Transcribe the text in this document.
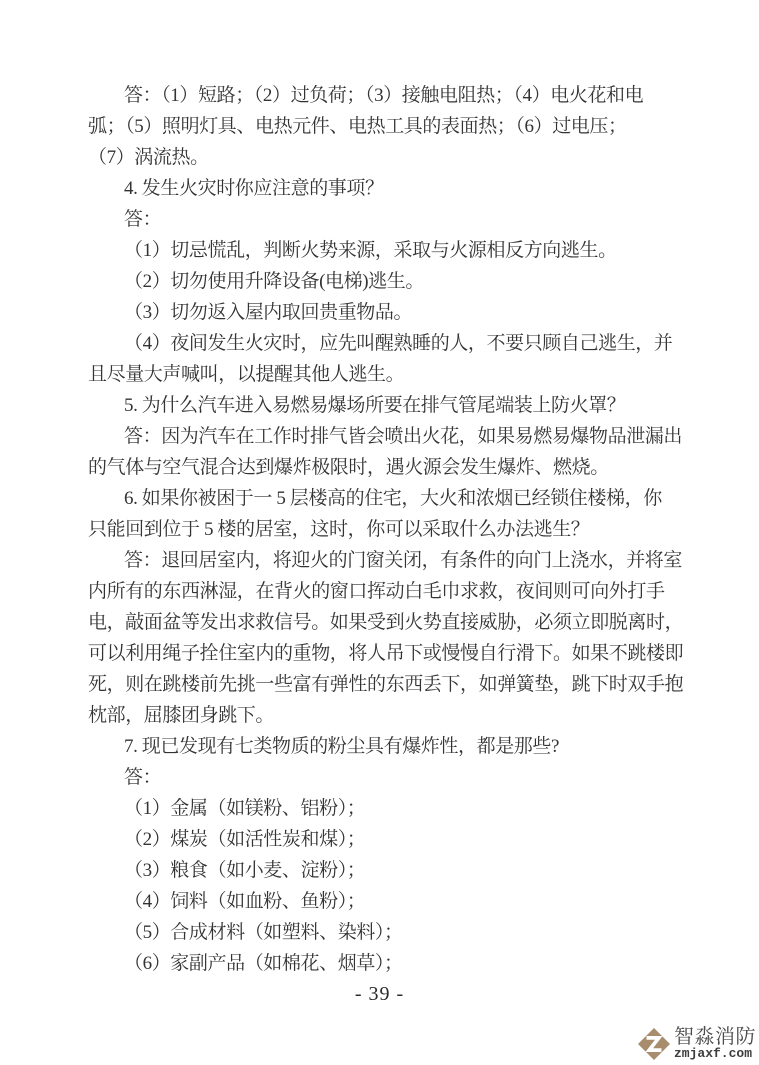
答：（1）短路；（2）过负荷；（3）接触电阻热；（4）电火花和电
弧；（5）照明灯具、电热元件、电热工具的表面热；（6）过电压；
（7）涡流热。
4. 发生火灾时你应注意的事项？
答：
（1）切忌慌乱，判断火势来源，采取与火源相反方向逃生。
（2）切勿使用升降设备(电梯)逃生。
（3）切勿返入屋内取回贵重物品。
（4）夜间发生火灾时，应先叫醒熟睡的人，不要只顾自己逃生，并
且尽量大声喊叫，以提醒其他人逃生。
5. 为什么汽车进入易燃易爆场所要在排气管尾端装上防火罩？
答：因为汽车在工作时排气皆会喷出火花，如果易燃易爆物品泄漏出
的气体与空气混合达到爆炸极限时，遇火源会发生爆炸、燃烧。
6. 如果你被困于一 5 层楼高的住宅，大火和浓烟已经锁住楼梯，你
只能回到位于 5 楼的居室，这时，你可以采取什么办法逃生？
答：退回居室内，将迎火的门窗关闭，有条件的向门上浇水，并将室
内所有的东西淋湿，在背火的窗口挥动白毛巾求救，夜间则可向外打手
电，敲面盆等发出求救信号。如果受到火势直接威胁，必须立即脱离时，
可以利用绳子拴住室内的重物，将人吊下或慢慢自行滑下。如果不跳楼即
死，则在跳楼前先挑一些富有弹性的东西丢下，如弹簧垫，跳下时双手抱
枕部，屈膝团身跳下。
7. 现已发现有七类物质的粉尘具有爆炸性，都是那些?
答：
（1）金属（如镁粉、铝粉）；
（2）煤炭（如活性炭和煤）；
（3）粮食（如小麦、淀粉）；
（4）饲料（如血粉、鱼粉）；
（5）合成材料（如塑料、染料）；
（6）家副产品（如棉花、烟草）；
- 39 -
智淼消防
zmjaxf.com
